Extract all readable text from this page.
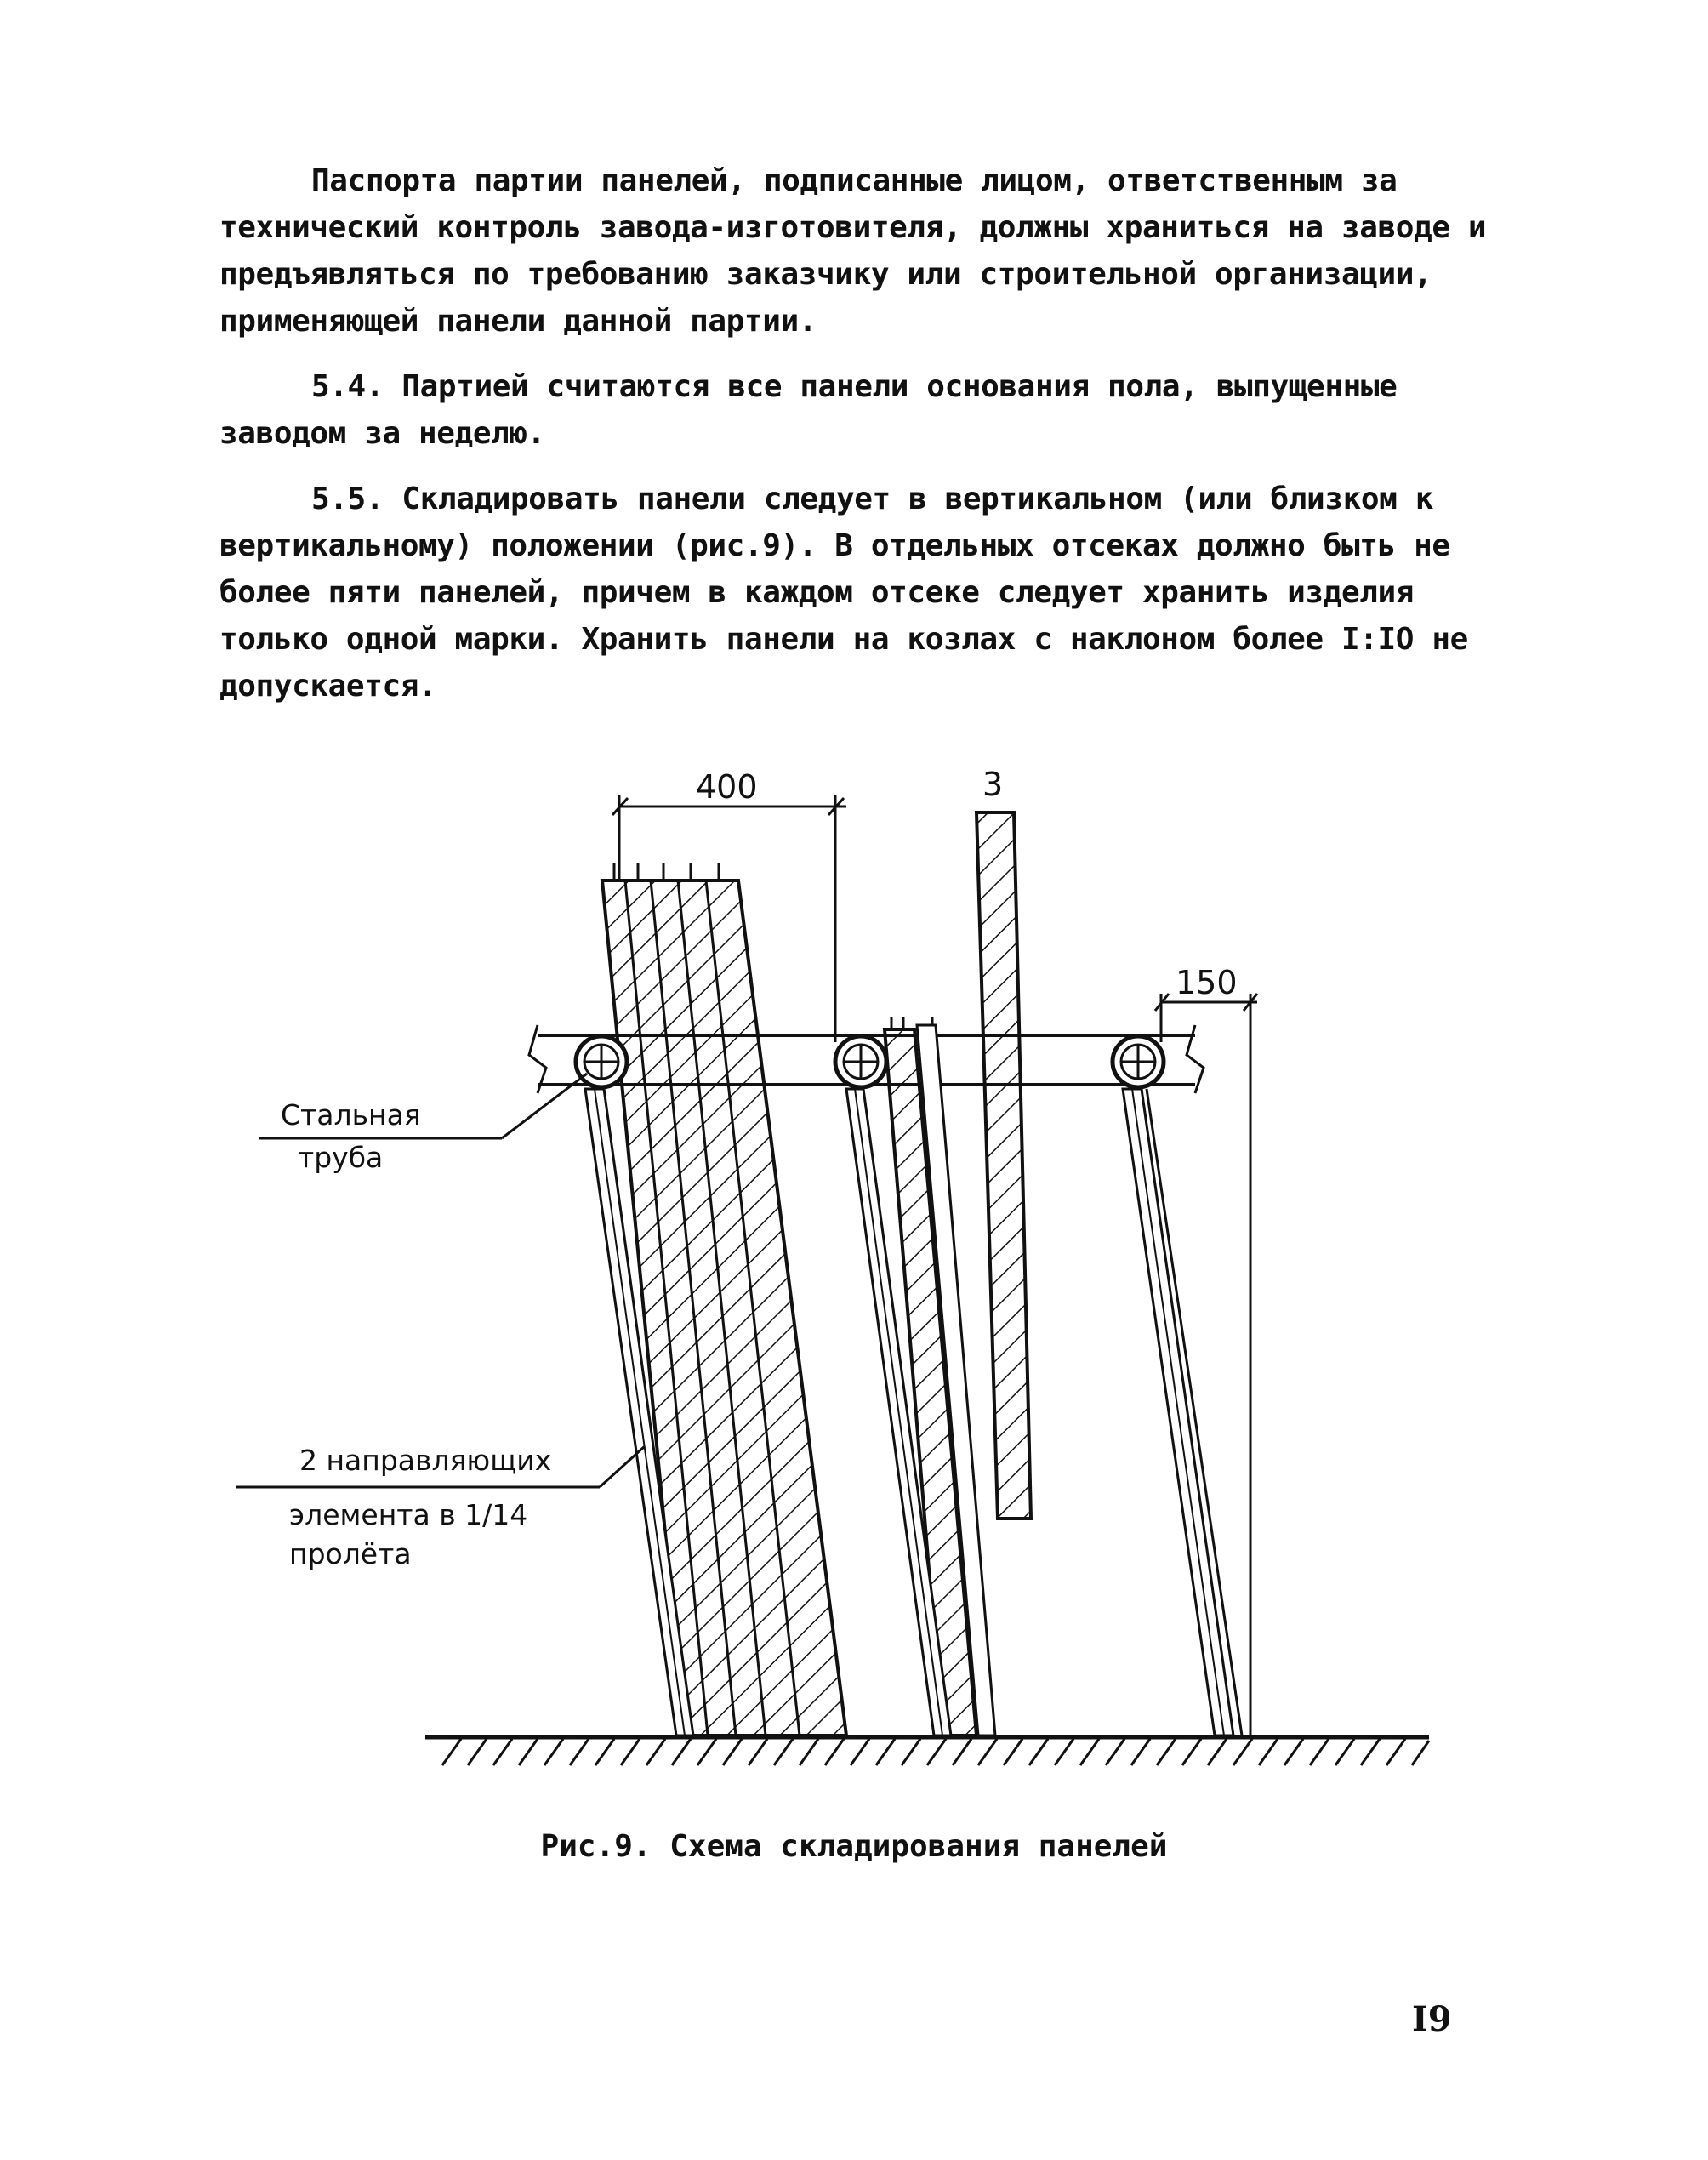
Паспорта партии панелей, подписанные лицом, ответственным за технический контроль завода-изготовителя, должны храниться на заводе и предъявляться по требованию заказчику или строительной организации, применяющей панели данной партии.

5.4. Партией считаются все панели основания пола, выпущенные заводом за неделю.

5.5. Складировать панели следует в вертикальном (или близком к вертикальному) положении (рис.9). В отдельных отсеках должно быть не более пяти панелей, причем в каждом отсеке следует хранить изделия только одной марки. Хранить панели на козлах с наклоном более I:IO не допускается.

3
400
150
Стальная
труба
2 направляющих
элемента в 1/14
пролёта
Рис.9. Схема складирования панелей
I9
